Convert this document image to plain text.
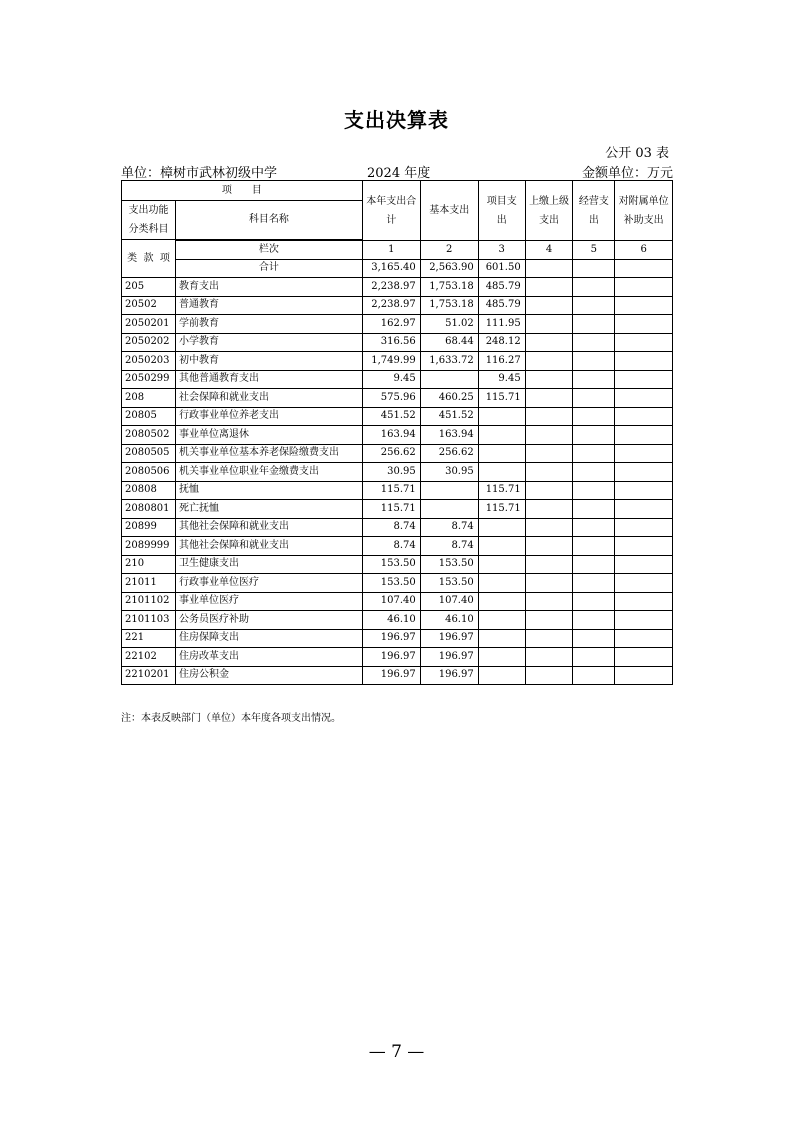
支出决算表
公开 03 表
单位：樟树市武林初级中学	2024 年度	金额单位：万元
项　　目		本年支出合计	基本支出	项目支出	上缴上级支出	经营支出	对附属单位补助支出
支出功能分类科目	科目名称						
类 款 项							
	栏次	1	2	3	4	5	6
	合计	3,165.40	2,563.90	601.50			
205	教育支出	2,238.97	1,753.18	485.79			
20502	普通教育	2,238.97	1,753.18	485.79			
2050201	学前教育	162.97	51.02	111.95			
2050202	小学教育	316.56	68.44	248.12			
2050203	初中教育	1,749.99	1,633.72	116.27			
2050299	其他普通教育支出	9.45		9.45			
208	社会保障和就业支出	575.96	460.25	115.71			
20805	行政事业单位养老支出	451.52	451.52				
2080502	事业单位离退休	163.94	163.94				
2080505	机关事业单位基本养老保险缴费支出	256.62	256.62				
2080506	机关事业单位职业年金缴费支出	30.95	30.95				
20808	抚恤	115.71		115.71			
2080801	死亡抚恤	115.71		115.71			
20899	其他社会保障和就业支出	8.74	8.74				
2089999	其他社会保障和就业支出	8.74	8.74				
210	卫生健康支出	153.50	153.50				
21011	行政事业单位医疗	153.50	153.50				
2101102	事业单位医疗	107.40	107.40				
2101103	公务员医疗补助	46.10	46.10				
221	住房保障支出	196.97	196.97				
22102	住房改革支出	196.97	196.97				
2210201	住房公积金	196.97	196.97				
注：本表反映部门（单位）本年度各项支出情况。
— 7 —
